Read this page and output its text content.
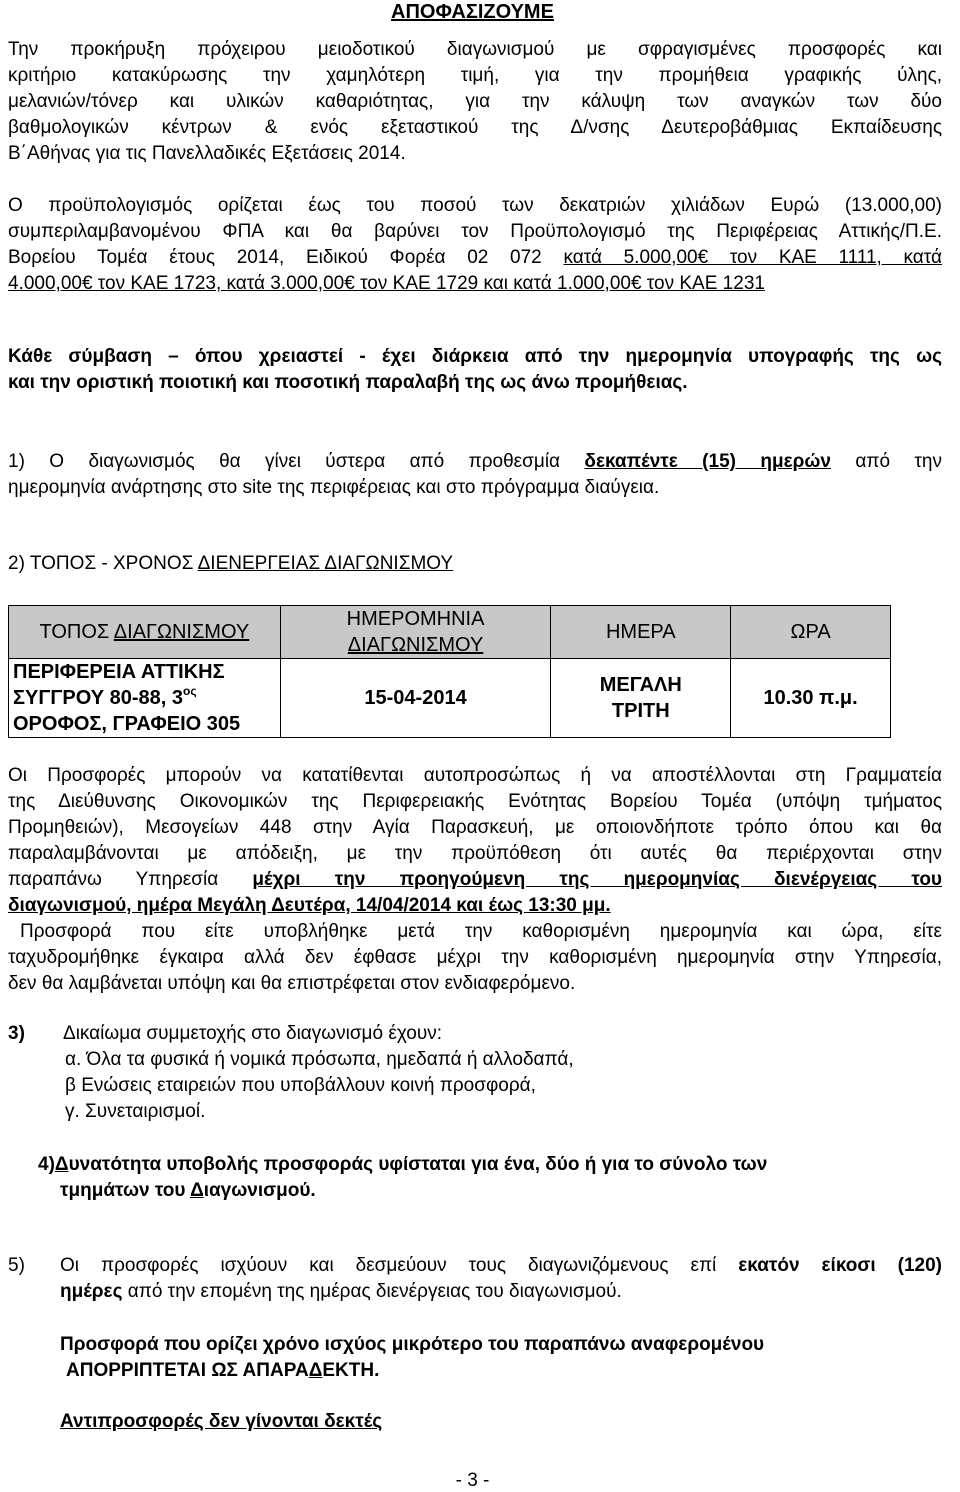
ΑΠΟΦΑΣΙΖΟΥΜΕ
Την προκήρυξη πρόχειρου μειοδοτικού διαγωνισμού με σφραγισμένες προσφορές και
κριτήριο κατακύρωσης την χαμηλότερη τιμή, για την προμήθεια γραφικής ύλης,
μελανιών/τόνερ και υλικών καθαριότητας, για την κάλυψη των αναγκών των δύο
βαθμολογικών κέντρων & ενός εξεταστικού της Δ/νσης Δευτεροβάθμιας Εκπαίδευσης
Β΄Αθήνας για τις Πανελλαδικές Εξετάσεις 2014.
Ο προϋπολογισμός ορίζεται έως του ποσού των δεκατριών χιλιάδων Ευρώ (13.000,00)
συμπεριλαμβανομένου ΦΠΑ και θα βαρύνει τον Προϋπολογισμό της Περιφέρειας Αττικής/Π.Ε.
Βορείου Τομέα έτους 2014, Ειδικού Φορέα 02 072 κατά 5.000,00€ τον ΚΑΕ 1111, κατά
4.000,00€ τον ΚΑΕ 1723, κατά 3.000,00€ τον ΚΑΕ 1729 και κατά 1.000,00€ τον ΚΑΕ 1231
Κάθε σύμβαση – όπου χρειαστεί - έχει διάρκεια από την ημερομηνία υπογραφής της ως
και την οριστική ποιοτική και ποσοτική παραλαβή της ως άνω προμήθειας.
1) Ο διαγωνισμός θα γίνει ύστερα από προθεσμία δεκαπέντε (15) ημερών από την
ημερομηνία ανάρτησης στο site της περιφέρειας και στο πρόγραμμα διαύγεια.
2) ΤΟΠΟΣ - ΧΡΟΝΟΣ ΔΙΕΝΕΡΓΕΙΑΣ ΔΙΑΓΩΝΙΣΜΟΥ
ΤΟΠΟΣ ΔΙΑΓΩΝΙΣΜΟΥ	ΗΜΕΡΟΜΗΝΙΑ
ΔΙΑΓΩΝΙΣΜΟΥ	ΗΜΕΡΑ	ΩΡΑ

ΠΕΡΙΦΕΡΕΙΑ ΑΤΤΙΚΗΣ
ΣΥΓΓΡΟΥ 80-88, $3^{o\varsigma}$
ΟΡΟΦΟΣ, ΓΡΑΦΕΙΟ 305	15-04-2014	ΜΕΓΑΛΗ
ΤΡΙΤΗ	10.30 π.μ.
Οι Προσφορές μπορούν να κατατίθενται αυτοπροσώπως ή να αποστέλλονται στη Γραμματεία
της Διεύθυνσης Οικονομικών της Περιφερειακής Ενότητας Βορείου Τομέα (υπόψη τμήματος
Προμηθειών), Μεσογείων 448 στην Αγία Παρασκευή, με οποιονδήποτε τρόπο όπου και θα
παραλαμβάνονται με απόδειξη, με την προϋπόθεση ότι αυτές θα περιέρχονται στην
παραπάνω Υπηρεσία μέχρι την προηγούμενη της ημερομηνίας διενέργειας του
διαγωνισμού, ημέρα Μεγάλη Δευτέρα, 14/04/2014 και έως 13:30 μμ.
Προσφορά που είτε υποβλήθηκε μετά την καθορισμένη ημερομηνία και ώρα, είτε
ταχυδρομήθηκε έγκαιρα αλλά δεν έφθασε μέχρι την καθορισμένη ημερομηνία στην Υπηρεσία,
δεν θα λαμβάνεται υπόψη και θα επιστρέφεται στον ενδιαφερόμενο.
3) Δικαίωμα συμμετοχής στο διαγωνισμό έχουν:
α. Όλα τα φυσικά ή νομικά πρόσωπα, ημεδαπά ή αλλοδαπά,
β Ενώσεις εταιρειών που υποβάλλουν κοινή προσφορά,
γ. Συνεταιρισμοί.
4)Δυνατότητα υποβολής προσφοράς υφίσταται για ένα, δύο ή για το σύνολο των
τμημάτων του Διαγωνισμού.
5) Οι προσφορές ισχύουν και δεσμεύουν τους διαγωνιζόμενους επί εκατόν είκοσι (120)
ημέρες από την επομένη της ημέρας διενέργειας του διαγωνισμού.
Προσφορά που ορίζει χρόνο ισχύος μικρότερο του παραπάνω αναφερομένου
ΑΠΟΡΡΙΠΤΕΤΑΙ ΩΣ ΑΠΑΡΑΔΕΚΤΗ.
Αντιπροσφορές δεν γίνονται δεκτές
- 3 -
